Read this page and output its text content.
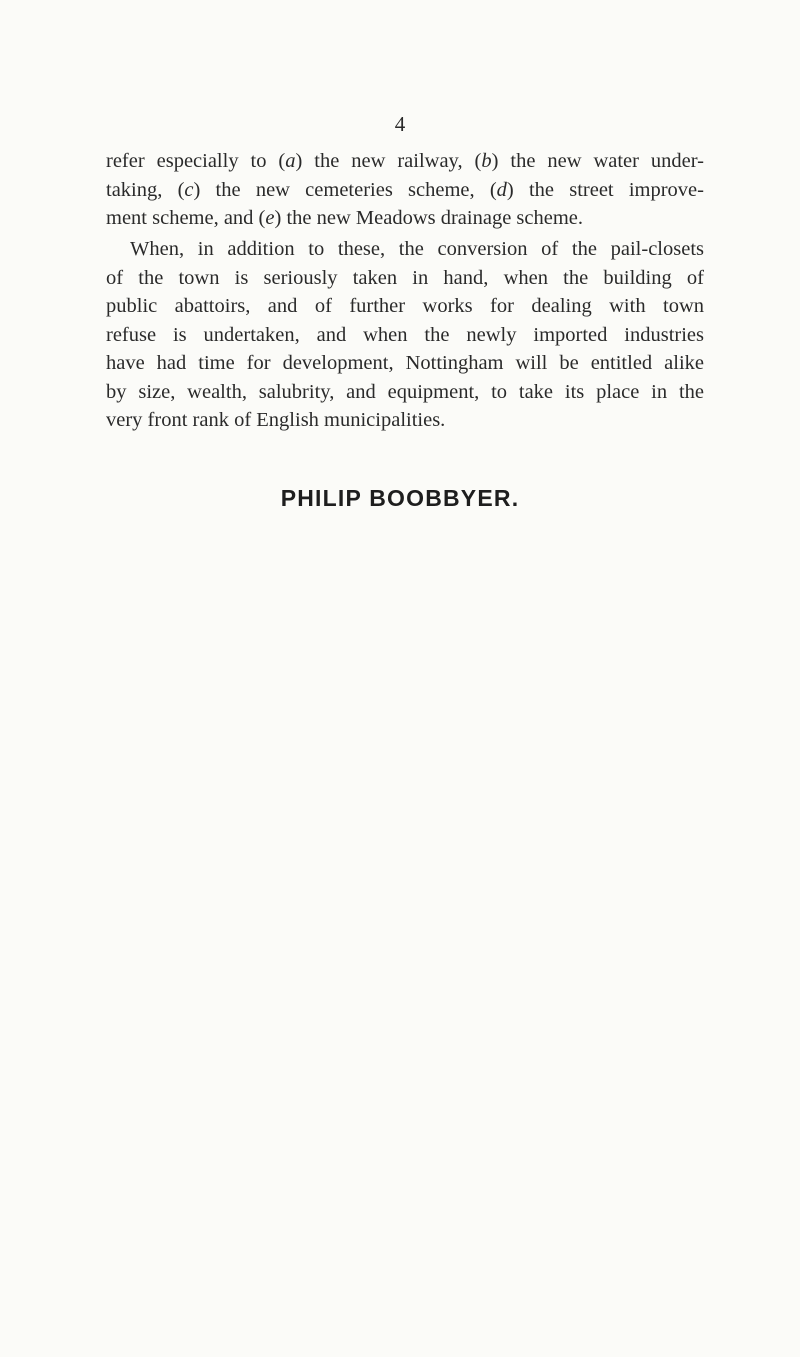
4
refer especially to (a) the new railway, (b) the new water under-
taking, (c) the new cemeteries scheme, (d) the street improve-
ment scheme, and (e) the new Meadows drainage scheme.
When, in addition to these, the conversion of the pail-closets
of the town is seriously taken in hand, when the building of
public abattoirs, and of further works for dealing with town
refuse is undertaken, and when the newly imported industries
have had time for development, Nottingham will be entitled alike
by size, wealth, salubrity, and equipment, to take its place in the
very front rank of English municipalities.
PHILIP BOOBBYER.
